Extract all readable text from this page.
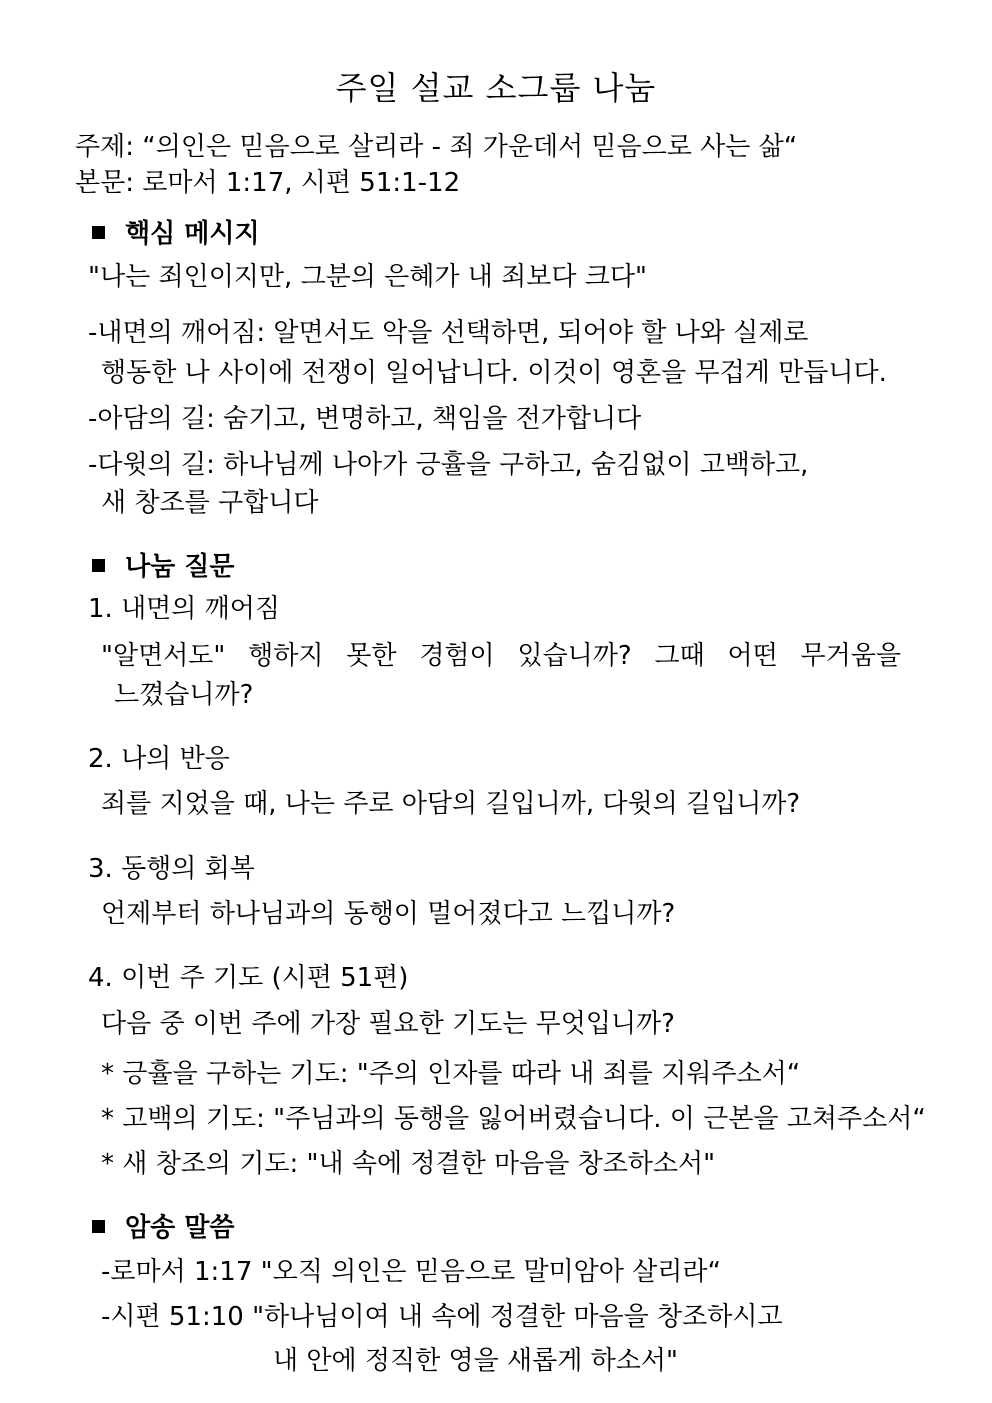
주일 설교 소그룹 나눔
주제: “의인은 믿음으로 살리라 - 죄 가운데서 믿음으로 사는 삶“
본문: 로마서 1:17, 시편 51:1-12
핵심 메시지
"나는 죄인이지만, 그분의 은혜가 내 죄보다 크다"
-내면의 깨어짐: 알면서도 악을 선택하면, 되어야 할 나와 실제로
행동한 나 사이에 전쟁이 일어납니다. 이것이 영혼을 무겁게 만듭니다.
-아담의 길: 숨기고, 변명하고, 책임을 전가합니다
-다윗의 길: 하나님께 나아가 긍휼을 구하고, 숨김없이 고백하고,
새 창조를 구합니다
나눔 질문
1. 내면의 깨어짐
"알면서도" 행하지 못한 경험이 있습니까? 그때 어떤 무거움을
느꼈습니까?
2. 나의 반응
죄를 지었을 때, 나는 주로 아담의 길입니까, 다윗의 길입니까?
3. 동행의 회복
언제부터 하나님과의 동행이 멀어졌다고 느낍니까?
4. 이번 주 기도 (시편 51편)
다음 중 이번 주에 가장 필요한 기도는 무엇입니까?
* 긍휼을 구하는 기도: "주의 인자를 따라 내 죄를 지워주소서“
* 고백의 기도: "주님과의 동행을 잃어버렸습니다. 이 근본을 고쳐주소서“
* 새 창조의 기도: "내 속에 정결한 마음을 창조하소서"
암송 말씀
-로마서 1:17 "오직 의인은 믿음으로 말미암아 살리라“
-시편 51:10 "하나님이여 내 속에 정결한 마음을 창조하시고
내 안에 정직한 영을 새롭게 하소서"
